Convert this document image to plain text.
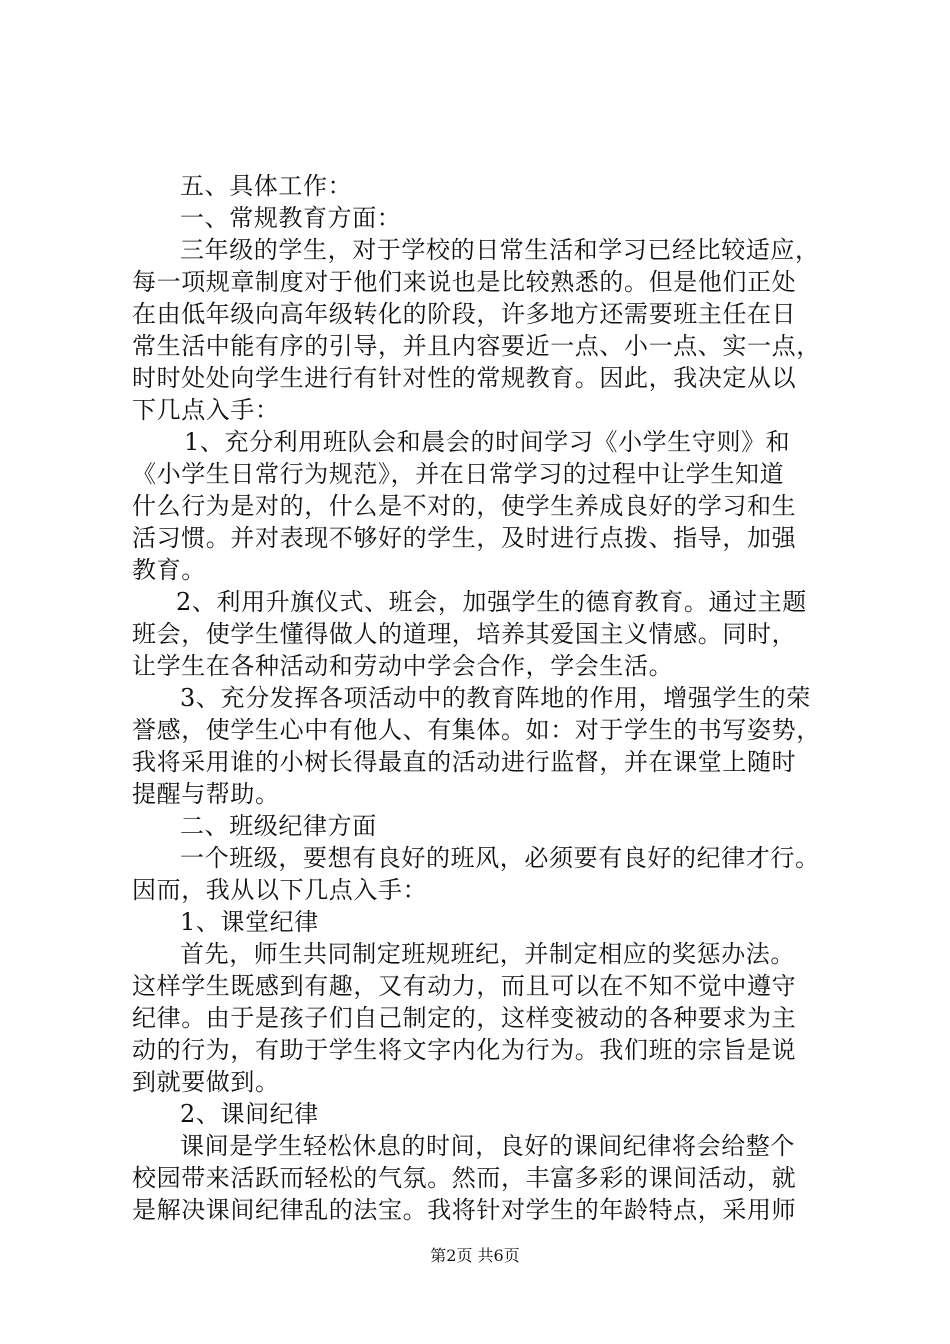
五、具体工作：
一、常规教育方面：
三年级的学生，对于学校的日常生活和学习已经比较适应，
每一项规章制度对于他们来说也是比较熟悉的。但是他们正处
在由低年级向高年级转化的阶段，许多地方还需要班主任在日
常生活中能有序的引导，并且内容要近一点、小一点、实一点，
时时处处向学生进行有针对性的常规教育。因此，我决定从以
下几点入手：
1、充分利用班队会和晨会的时间学习《小学生守则》和
《小学生日常行为规范》，并在日常学习的过程中让学生知道
什么行为是对的，什么是不对的，使学生养成良好的学习和生
活习惯。并对表现不够好的学生，及时进行点拨、指导，加强
教育。
2、利用升旗仪式、班会，加强学生的德育教育。通过主题
班会，使学生懂得做人的道理，培养其爱国主义情感。同时，
让学生在各种活动和劳动中学会合作，学会生活。
3、充分发挥各项活动中的教育阵地的作用，增强学生的荣
誉感，使学生心中有他人、有集体。如：对于学生的书写姿势，
我将采用谁的小树长得最直的活动进行监督，并在课堂上随时
提醒与帮助。
二、班级纪律方面
一个班级，要想有良好的班风，必须要有良好的纪律才行。
因而，我从以下几点入手：
1、课堂纪律
首先，师生共同制定班规班纪，并制定相应的奖惩办法。
这样学生既感到有趣，又有动力，而且可以在不知不觉中遵守
纪律。由于是孩子们自己制定的，这样变被动的各种要求为主
动的行为，有助于学生将文字内化为行为。我们班的宗旨是说
到就要做到。
2、课间纪律
课间是学生轻松休息的时间，良好的课间纪律将会给整个
校园带来活跃而轻松的气氛。然而，丰富多彩的课间活动，就
是解决课间纪律乱的法宝。我将针对学生的年龄特点，采用师
第2页 共6页
